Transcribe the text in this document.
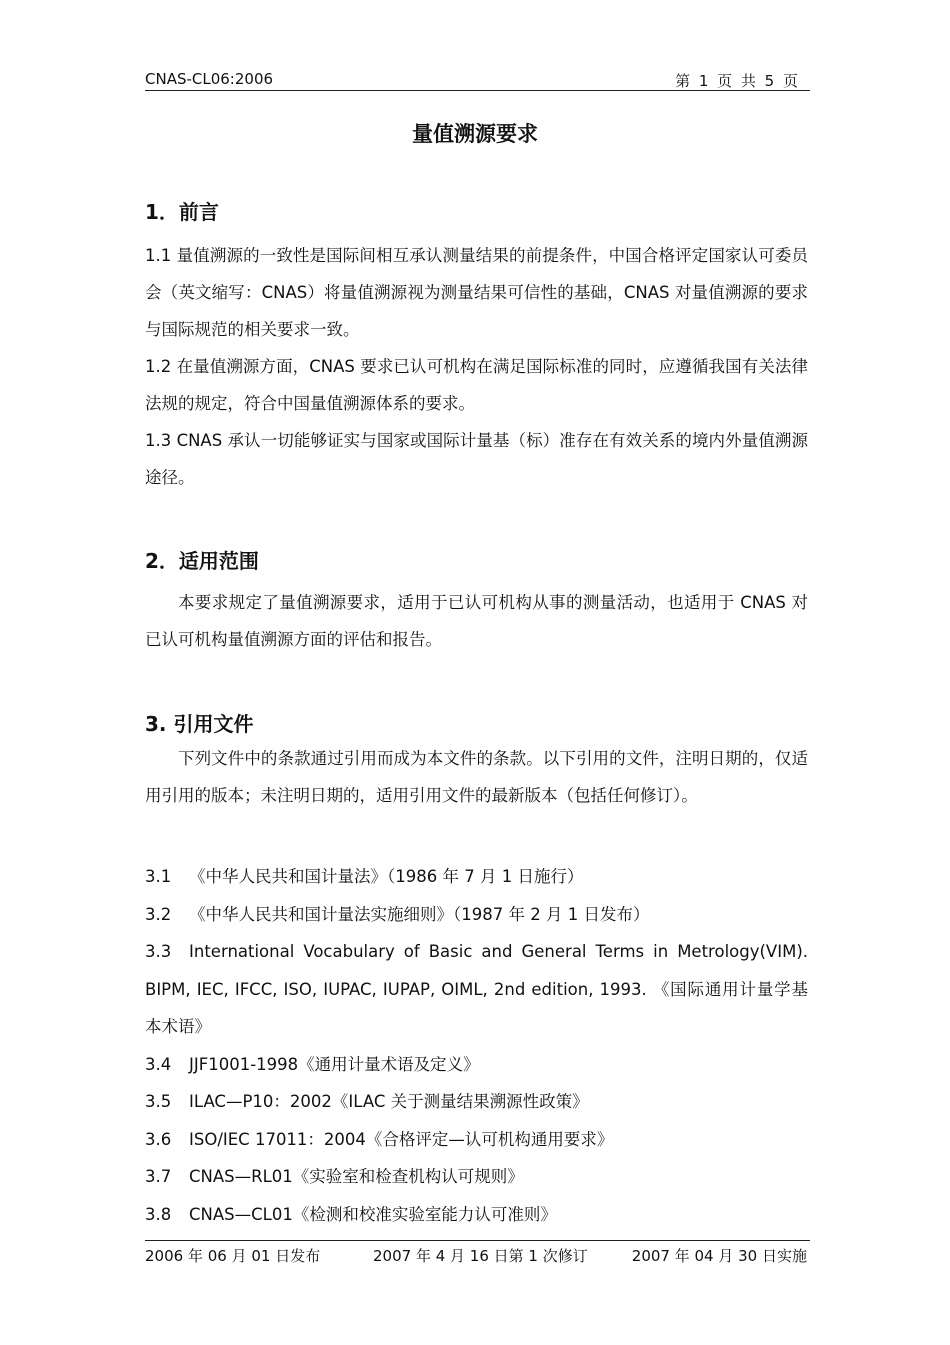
CNAS-CL06:2006	第 1 页 共 5 页
量值溯源要求

1．前言

1.1 量值溯源的一致性是国际间相互承认测量结果的前提条件，中国合格评定国家认可委员会（英文缩写：CNAS）将量值溯源视为测量结果可信性的基础，CNAS 对量值溯源的要求与国际规范的相关要求一致。

1.2 在量值溯源方面，CNAS 要求已认可机构在满足国际标准的同时，应遵循我国有关法律法规的规定，符合中国量值溯源体系的要求。

1.3 CNAS 承认一切能够证实与国家或国际计量基（标）准存在有效关系的境内外量值溯源途径。

2．适用范围

本要求规定了量值溯源要求，适用于已认可机构从事的测量活动，也适用于 CNAS 对已认可机构量值溯源方面的评估和报告。

3. 引用文件

下列文件中的条款通过引用而成为本文件的条款。以下引用的文件，注明日期的，仅适用引用的版本；未注明日期的，适用引用文件的最新版本（包括任何修订）。

3.1 《中华人民共和国计量法》（1986 年 7 月 1 日施行）

3.2 《中华人民共和国计量法实施细则》（1987 年 2 月 1 日发布）

3.3 International Vocabulary of Basic and General Terms in Metrology(VIM). BIPM, IEC, IFCC, ISO, IUPAC, IUPAP, OIML, 2nd edition, 1993. 《国际通用计量学基本术语》

3.4 JJF1001-1998《通用计量术语及定义》

3.5 ILAC—P10：2002《ILAC 关于测量结果溯源性政策》

3.6 ISO/IEC 17011：2004《合格评定—认可机构通用要求》

3.7 CNAS—RL01《实验室和检查机构认可规则》

3.8 CNAS—CL01《检测和校准实验室能力认可准则》

2006 年 06 月 01 日发布	2007 年 4 月 16 日第 1 次修订	2007 年 04 月 30 日实施
